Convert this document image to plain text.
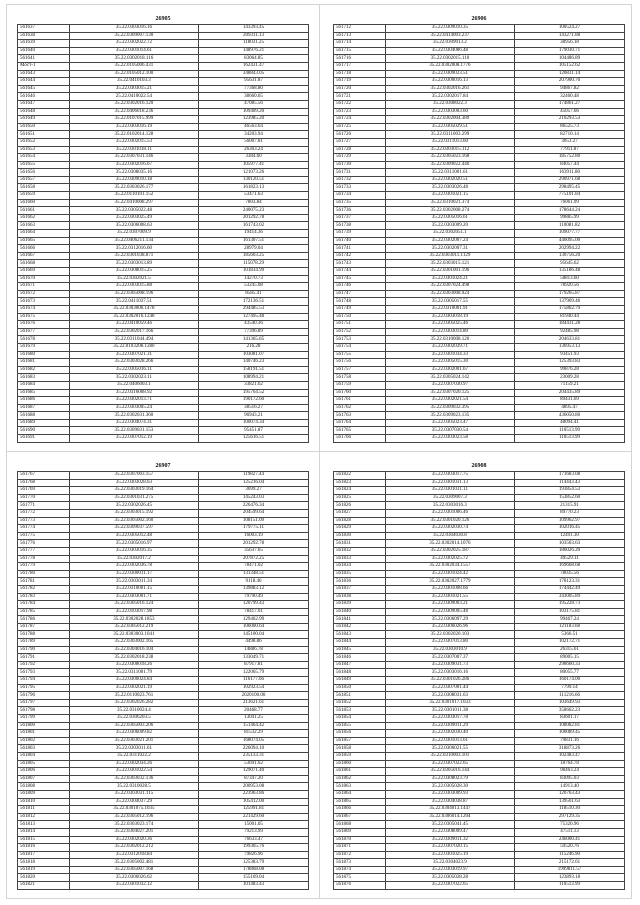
26905
561637	35.22.0303016.16	143393.45
561638	35.22.0309007.130	209311.13
561639	35.22.0302022.72	118031.25
561640	35.22.0301014.61	148976.21
561641	35.22.0302018.116	83064.85
Мост-1	35.22.0105006.431	162431.47
561643	35.22.0105012.100	348843.05
561644	35.22.0410103.3	95631.87
561645	35.22.0303015.21	77368.80
561646	25.22.0410022.54	38660.65
561647	35.22.0302016.120	47085.56
561648	35.22.0406018.236	109409.20
561649	35.22.0107015.999	123985.20
561650	35.22.0303016.19	46563.64
561651	35.22.0102014.128	34203.94
561652	35.22.0302015.53	56007.81
561653	35.22.0301018.11	26303.24
561654	35.22.0307031.146	3384.60
561655	35.22.0302016.67	105977.41
561656	35.22.0308035.16	121073.26
561657	35.22.0309010.18	130120.51
561658	35.22.0303026.177	161823.13
561659	35.22.0110101.152	53471.63
561660	35.22.0410008.297	7803.84
561661	35.22.0305022.48	240075.23
561662	35.22.0303025.49	201292.78
561663	35.22.0306008.63	161743.02
561664	35.22.0307009.9	19414.36
561665	35.22.0406211.134	161307.51
561666	35.22.0312016.60	28979.04
561667	35.22.0301038.871	185603.25
561668	35.22.0303013.89	115078.29
561669	35.22.0308015.25	101834.99
561670	35.22.0302021.5	14270.73
561671	35.22.0303015.88	53245.08
561672	35.22.0305008.196	8585.41
561673	35.22.0411037.51	172136.51
561674	35.22.0303006.1478	294485.53
561675	35.22.0302016.1248	127495.48
561676	35.22.0410059.46	43540.36
561677	35.22.0302017.166	77396.89
561678	35.22.0311044.494	141365.85
561679	35.22.0103208.1280	216.28
561680	35.22.0307021.31	103081.07
561681	35.22.0303028.266	140746.23
561682	35.22.0305016.11	158191.51
561683	35.22.0302023.11	108994.21
561684	35.22.0406003.1	33821.62
561685	35.22.0316008.92	195764.52
561686	35.22.0302013.71	190172.60
561687	35.22.0303005.24	38516.27
561688	35.22.0302031.360	96943.21
561689	35.22.0304074.31	100074.34
561690	35.22.0309031.153	95451.87
561691	35.22.0307012.19	125616.51
26906
561712	35.22.0309010.35	100524.27
561713	35.22.0414003.237	143271.88
561714	35.22.0309013.2	38956.18
561715	35.22.0304086.48	179030.71
561716	35.22.0302015.110	104486.89
561717	35.22.0302008.1776	105152.62
561718	35.22.0309023.51	120831.14
561719	35.22.0300016.13	207900.70
561720	35.22.0302016.261	94867.82
561721	35.22.0302017.84	32460.48
561722	35.22.0308022.3	174861.27
561723	35.22.0303003.60	45057.66
561724	35.22.0302004.389	210293.53
561725	35.22.0305029.51	86525.73
561726	35.22.0311003.299	82710.14
561727	35.22.0311013.60	3053.27
561728	35.22.0303015.112	77911.87
561729	35.22.0305023.168	185752.80
561730	35.22.0309022.440	84057.44
561731	35.22.0311001.61	163911.80
561732	35.22.0302020.51	290971.68
561733	35.22.0303026.48	298495.45
561734	35.22.0301021.15	775101.84
561735	35.22.0310021.374	76061.99
561736	35.22.0302008.274	178644.24
561737	35.22.0305016.61	99885.99
561738	35.22.0303009.20	110081.82
561739	35.22.0302051.1	109077.77
561740	35.22.0302007.24	446095.00
561741	35.22.0302007.31	202994.22
561742	35.22.0303011.1129	130756.20
561743	35.22.0303015.121	95645.62
561744	35.22.0301001.196	135186.48
561745	35.22.0301024.21	58813.60
561746	35.22.0307024.498	78920.56
561747	35.22.0303008.924	179265.87
561748	35.22.0305017.55	137909.46
561749	35.22.0310001.91	175862.79
561750	35.22.0303018.19	81940.44
561751	35.22.0305025.46	184431.28
561752	35.22.0303014.80	92485.98
561753	35.22.0310008.120	204633.81
561754	35.22.0302039.71	136953.13
561755	35.22.0301034.33	93451.93
561756	35.22.0305015.30	125393.83
561757	35.22.0302001.67	99876.28
561758	35.22.0305024.142	23009.28
561759	35.22.0307030.97	71159.21
561760	35.22.0307020.125	204435.89
561761	35.22.0302021.54	89431.69
561762	35.22.0309032.395	4895.47
561763	35.22.0309023.135	436050.80
561764	35.22.0305023.47	48094.41
561765	35.22.0307030.54	110513.99
561766	35.22.0303023.58	110513.99
26907
561767	35.22.0307003.157	119827.44
561768	35.22.0303028.63	125216.04
561769	35.22.0303019.164	3699.27
561770	35.22.0301031.275	145243.03
561771	35.22.0302026.45	226476.34
561772	35.22.0303015.192	204599.64
561773	35.22.0305002.160	108151.09
561774	35.22.0309037.597	179775.11
561775	35.22.0305012.48	16003.19
561776	35.22.0305016.97	201292.78
561777	35.22.0303016.35	35637.65
561778	35.22.0302017.2	207872.25
561779	35.22.0302036.78	78471.02
561780	35.22.0300011.17	131348.51
561781	35.22.0303011.34	9118.46
561782	35.22.0310001.15	139883.12
561783	35.22.0303001.71	79790.49
561784	35.22.0305016.124	120799.43
561785	35.22.0103017.98	78417.01
561786	35.22.0302028.1853	129462.99
561787	35.22.0305012.219	106000.64
561788	35.22.0303003.1041	145100.04
561789	35.22.0303002.165	4498.86
561790	35.22.0304016.104	14886.78
561791	35.22.0302018.238	133049.71
561792	35.22.0308018.26	87917.81
561793	35.22.0311001.79	122065.79
561794	35.22.0306024.84	116177.66
561795	35.22.0302021.19	102923.54
561796	35.22.0110023.761	2020100.00
561797	35.22.0302026.282	213621.61
561798	35.22.0310024.4	20468.77
561799	35.22.0306203.5	13041.25
561800	35.22.0305003.206	151464.42
561801	35.22.0306009.82	81532.29
561802	35.22.0303021.201	168074.05
561803	35.22.0303011.61	226094.10
561804	35.22.0311022.2	235133.31
561805	35.22.0302034.26	53691.62
561806	35.22.0301022.54	129071.40
561807	35.22.0303032.136	87347.20
561808	35.22.0310028.5	200953.08
561809	35.22.0303031.115	223963.86
561810	35.22.0304037.29	105412.00
561811	35.22.0301075.1035	125991.81
561812	35.22.0305012.196	221429.60
561813	35.22.0303023.174	15001.05
561814	35.22.0304027.201	79213.99
561815	35.22.0302020.36	76633.47
561816	35.22.0302012.212	199365.76
561817	35.22.0312018.84	79826.96
561818	35.22.0305002.481	125383.79
561819	35.22.0305007.168	178868.08
561820	35.22.0306026.62	155169.04
561821	35.22.0301032.12	101483.43
26908
561822	35.22.0303017.75	171683.08
561823	35.22.0301031.13	114443.43
561824	35.22.0301031.11	193854.53
561825	35.22.0309007.3	153852.60
561826	35.22.0303016.3	21315.91
561827	35.22.0301006.46	89770.23
561828	35.22.0301020.126	109962.97
561829	35.22.0302030.74	102016.45
561830	35.22.0304030.8	12491.30
561831	35.22.0302014.1076	103503.63
561832	35.22.0302025.187	186026.20
561833	35.22.0302025.72	49529.11
561834	35.22.0302034.1557	169668.68
561835	35.22.0301024.42	78035.56
561836	35.22.0302027.1779	178123.31
561837	35.22.0301008.66	174442.49
561838	35.22.0301021.55	343005.89
561839	35.22.0309003.21	195228.73
561840	35.22.0309005.48	103175.81
561841	35.22.0306097.29	99467.24
561842	35.22.0306026.96	121183.68
561843	35.22.0302020.103	5366.51
561844	35.22.0307013.80	102172.71
561845	35.22.0303010.9	26315.61
561846	35.22.0307007.37	89005.15
561847	35.22.0309031.73	298660.33
561848	35.22.0303016.16	80055.77
561849	35.22.0301026.286	160174.00
561850	35.22.0307001.44	7799.14
561851	35.22.0308031.63	111216.66
561852	35.22.0301017.1033	103649.93
561853	35.22.0301011.38	358662.23
561854	35.22.0303017.78	83601.17
561855	35.22.0309011.29	108082.81
561856	35.22.0302030.40	100089.45
561857	35.22.0301013.61	79831.16
561858	35.22.0306021.55	318873.26
561859	35.22.0310003.101	102483.47
561860	35.22.0307022.65	18764.78
561861	35.22.0305016.144	98463.24
561862	35.22.0308023.79	83095.03
561863	35.22.0305028.30	14913.40
561864	35.22.0303009.93	120763.43
561865	35.22.0304038.87	139561.63
561866	35.22.0304013.1447	118510.30
561867	35.22.0306014.1204	297129.35
561868	35.22.0305041.45	75320.96
561869	35.22.0308009.47	47511.13
561870	35.22.0309011.32	246000.41
561871	35.22.0307020.15	59520.76
561872	35.22.0301025.19	115246.90
561873	35.22.0304023.9	215172.61
561874	35.22.0303019.97	1999811.57
561875	35.22.0305028.28	123893.18
561876	35.22.0307022.65	110513.99
